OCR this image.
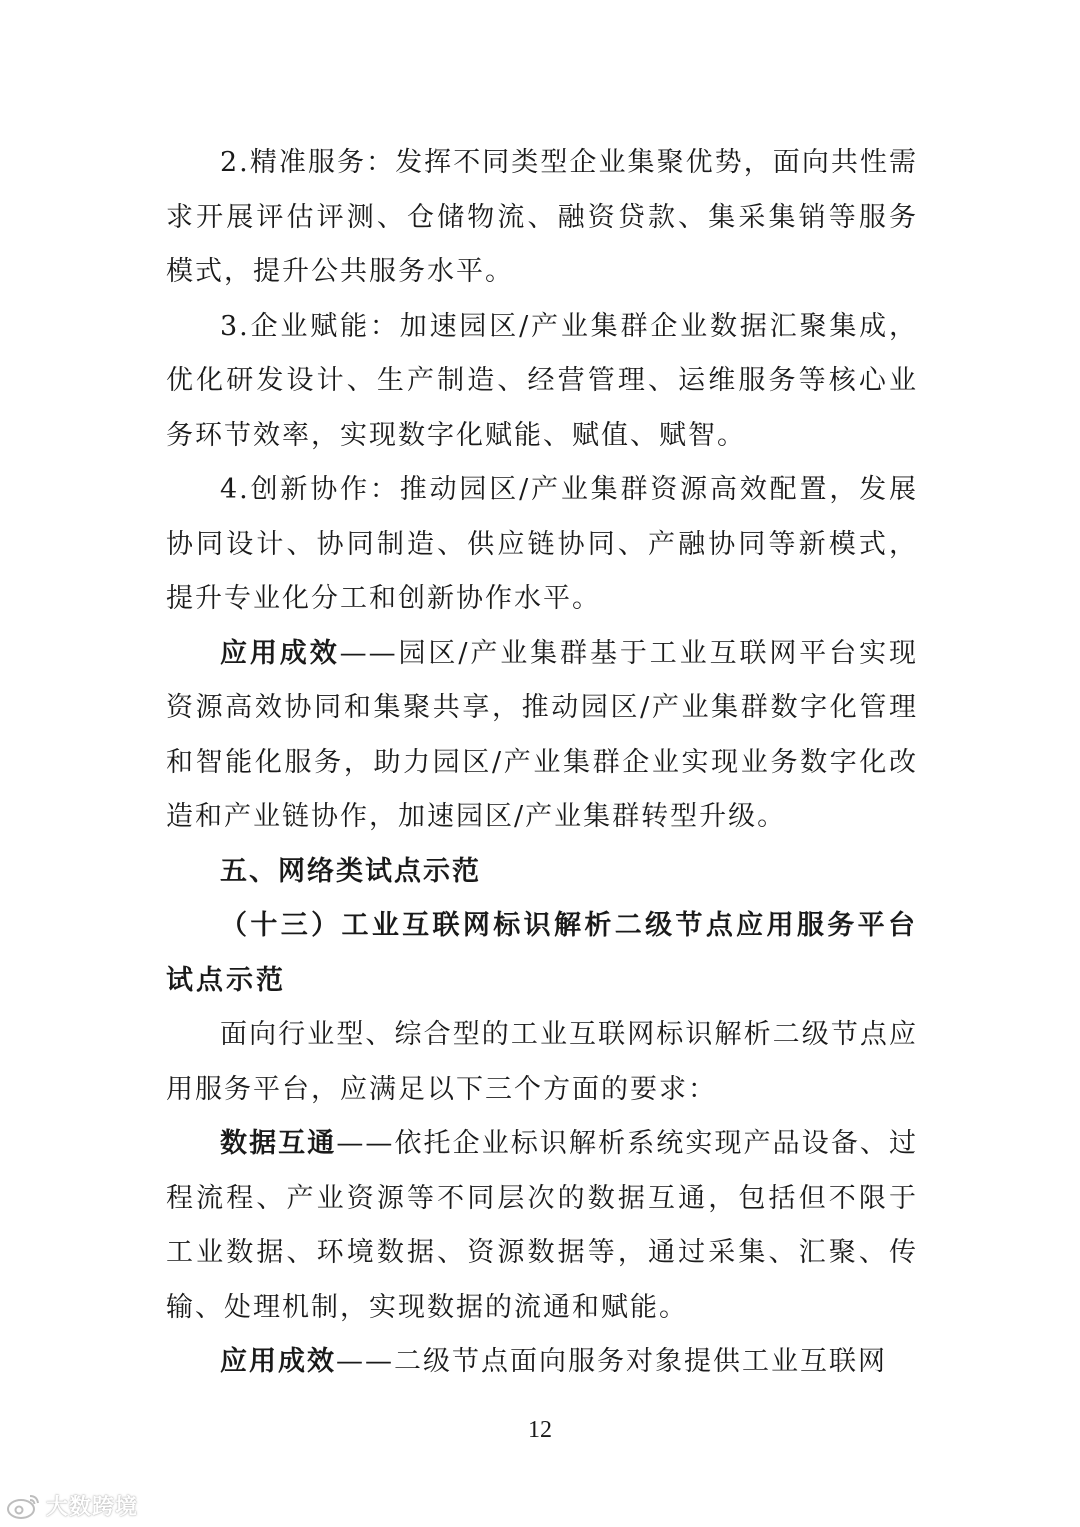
2.精准服务：发挥不同类型企业集聚优势，面向共性需求开展评估评测、仓储物流、融资贷款、集采集销等服务模式，提升公共服务水平。

3.企业赋能：加速园区/产业集群企业数据汇聚集成，优化研发设计、生产制造、经营管理、运维服务等核心业务环节效率，实现数字化赋能、赋值、赋智。

4.创新协作：推动园区/产业集群资源高效配置，发展协同设计、协同制造、供应链协同、产融协同等新模式，提升专业化分工和创新协作水平。

应用成效——园区/产业集群基于工业互联网平台实现资源高效协同和集聚共享，推动园区/产业集群数字化管理和智能化服务，助力园区/产业集群企业实现业务数字化改造和产业链协作，加速园区/产业集群转型升级。

五、网络类试点示范

（十三）工业互联网标识解析二级节点应用服务平台试点示范

面向行业型、综合型的工业互联网标识解析二级节点应用服务平台，应满足以下三个方面的要求：

数据互通——依托企业标识解析系统实现产品设备、过程流程、产业资源等不同层次的数据互通，包括但不限于工业数据、环境数据、资源数据等，通过采集、汇聚、传输、处理机制，实现数据的流通和赋能。

应用成效——二级节点面向服务对象提供工业互联网

12
大数跨境
